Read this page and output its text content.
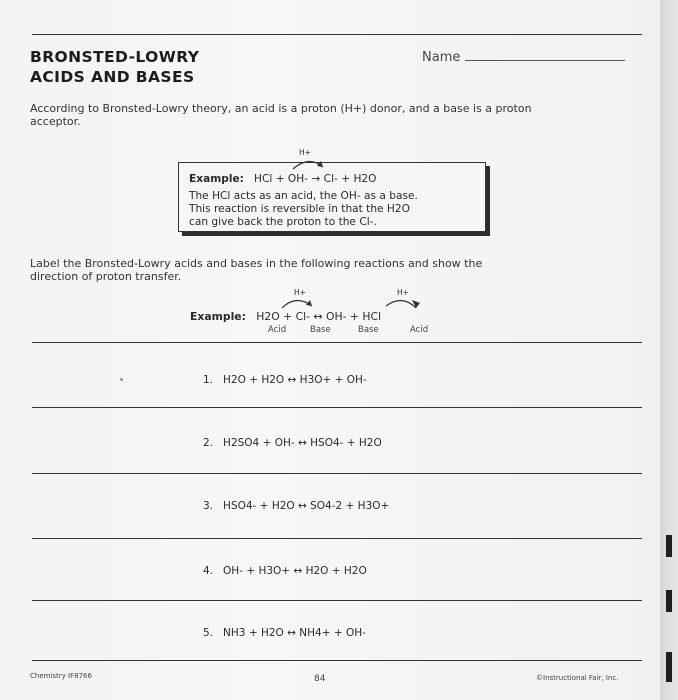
BRONSTED-LOWRY
ACIDS AND BASES
Name
According to Bronsted-Lowry theory, an acid is a proton (H+) donor, and a base is a proton
acceptor.
H+
Example: HCl + OH- → Cl- + H2O
The HCl acts as an acid, the OH- as a base.
This reaction is reversible in that the H2O
can give back the proton to the Cl-.
Label the Bronsted-Lowry acids and bases in the following reactions and show the
direction of proton transfer.
H+	H+
Example: H2O + Cl- ↔ OH- + HCl
Acid	Base	Base	Acid
1. H2O + H2O ↔ H3O+ + OH-
2. H2SO4 + OH- ↔ HSO4- + H2O
3. HSO4- + H2O ↔ SO4-2 + H3O+
4. OH- + H3O+ ↔ H2O + H2O
5. NH3 + H2O ↔ NH4+ + OH-
Chemistry IF8766	84	©Instructional Fair, Inc.
